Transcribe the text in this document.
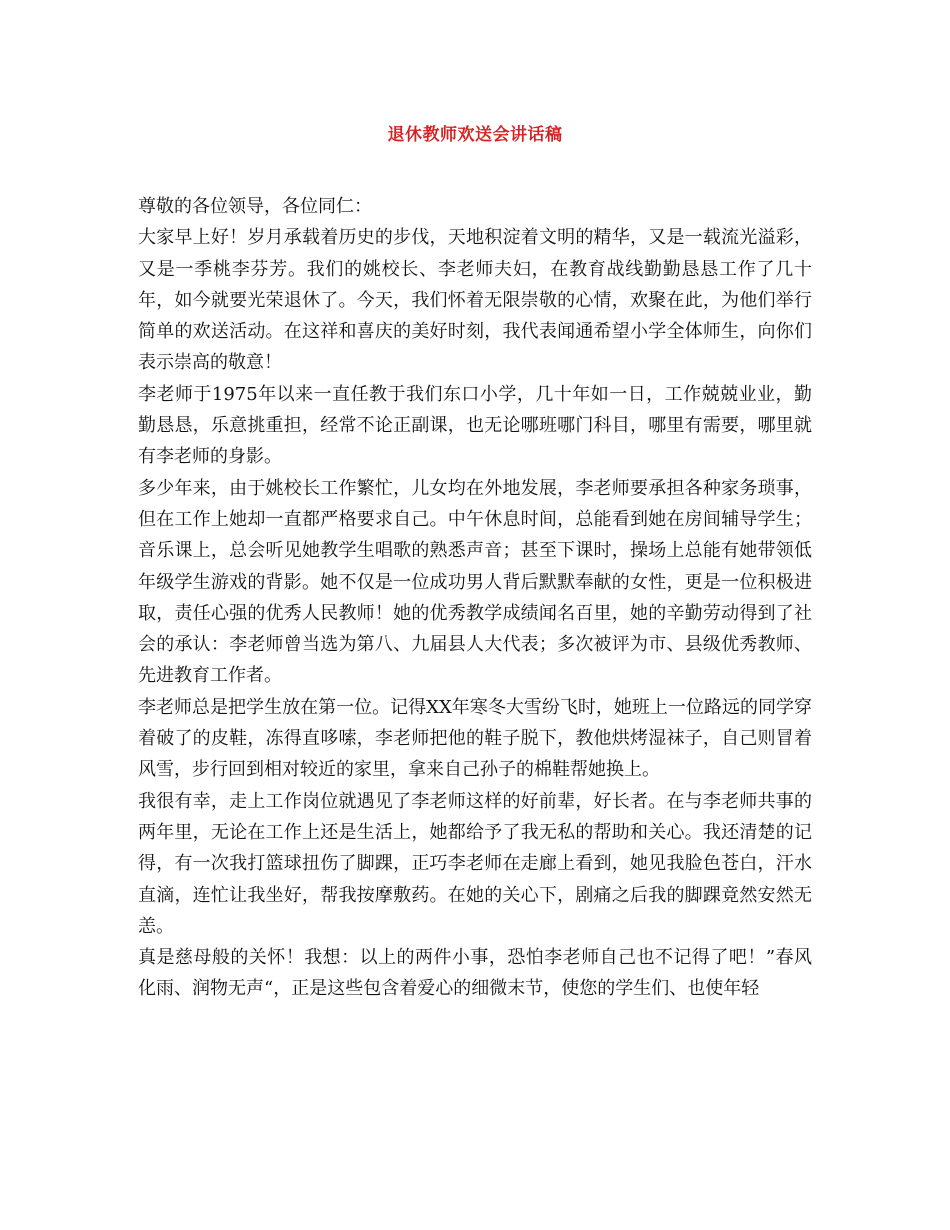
退休教师欢送会讲话稿

尊敬的各位领导，各位同仁：

大家早上好！岁月承载着历史的步伐，天地积淀着文明的精华，又是一载流光溢彩，又是一季桃李芬芳。我们的姚校长、李老师夫妇，在教育战线勤勤恳恳工作了几十年，如今就要光荣退休了。今天，我们怀着无限崇敬的心情，欢聚在此，为他们举行简单的欢送活动。在这祥和喜庆的美好时刻，我代表闻通希望小学全体师生，向你们表示崇高的敬意！

李老师于1975年以来一直任教于我们东口小学，几十年如一日，工作兢兢业业，勤勤恳恳，乐意挑重担，经常不论正副课，也无论哪班哪门科目，哪里有需要，哪里就有李老师的身影。

多少年来，由于姚校长工作繁忙，儿女均在外地发展，李老师要承担各种家务琐事，但在工作上她却一直都严格要求自己。中午休息时间，总能看到她在房间辅导学生；音乐课上，总会听见她教学生唱歌的熟悉声音；甚至下课时，操场上总能有她带领低年级学生游戏的背影。她不仅是一位成功男人背后默默奉献的女性，更是一位积极进取，责任心强的优秀人民教师！她的优秀教学成绩闻名百里，她的辛勤劳动得到了社会的承认：李老师曾当选为第八、九届县人大代表；多次被评为市、县级优秀教师、先进教育工作者。

李老师总是把学生放在第一位。记得XX年寒冬大雪纷飞时，她班上一位路远的同学穿着破了的皮鞋，冻得直哆嗦，李老师把他的鞋子脱下，教他烘烤湿袜子，自己则冒着风雪，步行回到相对较近的家里，拿来自己孙子的棉鞋帮她换上。

我很有幸，走上工作岗位就遇见了李老师这样的好前辈，好长者。在与李老师共事的两年里，无论在工作上还是生活上，她都给予了我无私的帮助和关心。我还清楚的记得，有一次我打篮球扭伤了脚踝，正巧李老师在走廊上看到，她见我脸色苍白，汗水直滴，连忙让我坐好，帮我按摩敷药。在她的关心下，剧痛之后我的脚踝竟然安然无恙。

真是慈母般的关怀！我想：以上的两件小事，恐怕李老师自己也不记得了吧！”春风化雨、润物无声“，正是这些包含着爱心的细微末节，使您的学生们、也使年轻
